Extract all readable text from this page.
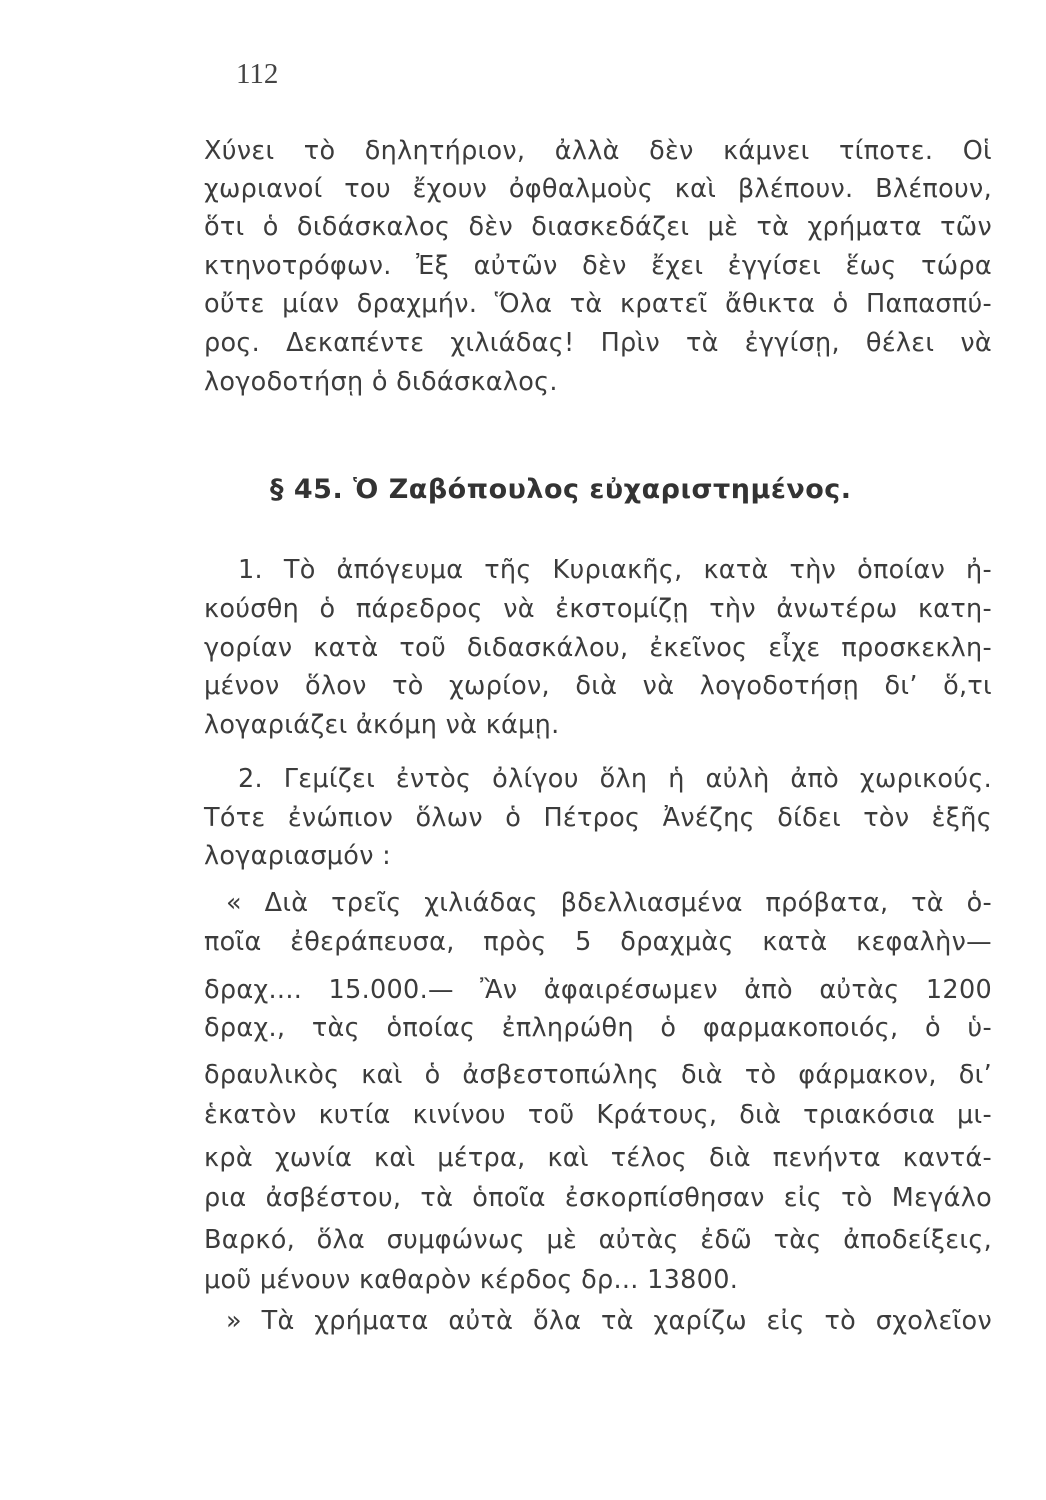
112
Χύνει τὸ δηλητήριον, ἀλλὰ δὲν κάμνει τίποτε. Οἱ
χωριανοί του ἔχουν ὀφθαλμοὺς καὶ βλέπουν. Βλέπουν,
ὅτι ὁ διδάσκαλος δὲν διασκεδάζει μὲ τὰ χρήματα τῶν
κτηνοτρόφων. Ἐξ αὐτῶν δὲν ἔχει ἐγγίσει ἕως τώρα
οὔτε μίαν δραχμήν. Ὅλα τὰ κρατεῖ ἄθικτα ὁ Παπασπύ-
ρος. Δεκαπέντε χιλιάδας! Πρὶν τὰ ἐγγίσῃ, θέλει νὰ
λογοδοτήσῃ ὁ διδάσκαλος.
§ 45. Ὁ Ζαβόπουλος εὐχαριστημένος.
1. Τὸ ἀπόγευμα τῆς Κυριακῆς, κατὰ τὴν ὁποίαν ἠ-
κούσθη ὁ πάρεδρος νὰ ἐκστομίζῃ τὴν ἀνωτέρω κατη-
γορίαν κατὰ τοῦ διδασκάλου, ἐκεῖνος εἶχε προσκεκλη-
μένον ὅλον τὸ χωρίον, διὰ νὰ λογοδοτήσῃ δι’ ὅ,τι
λογαριάζει ἀκόμη νὰ κάμῃ.
2. Γεμίζει ἐντὸς ὀλίγου ὅλη ἡ αὐλὴ ἀπὸ χωρικούς.
Τότε ἐνώπιον ὅλων ὁ Πέτρος Ἀνέζης δίδει τὸν ἑξῆς
λογαριασμόν :
« Διὰ τρεῖς χιλιάδας βδελλιασμένα πρόβατα, τὰ ὁ-
ποῖα ἐθεράπευσα, πρὸς 5 δραχμὰς κατὰ κεφαλὴν—
δραχ.... 15.000.— Ἂν ἀφαιρέσωμεν ἀπὸ αὐτὰς 1200
δραχ., τὰς ὁποίας ἐπληρώθη ὁ φαρμακοποιός, ὁ ὑ-
δραυλικὸς καὶ ὁ ἀσβεστοπώλης διὰ τὸ φάρμακον, δι’
ἑκατὸν κυτία κινίνου τοῦ Κράτους, διὰ τριακόσια μι-
κρὰ χωνία καὶ μέτρα, καὶ τέλος διὰ πενήντα καντά-
ρια ἀσβέστου, τὰ ὁποῖα ἐσκορπίσθησαν εἰς τὸ Μεγάλο
Βαρκό, ὅλα συμφώνως μὲ αὐτὰς ἐδῶ τὰς ἀποδείξεις,
μοῦ μένουν καθαρὸν κέρδος δρ... 13800.
» Τὰ χρήματα αὐτὰ ὅλα τὰ χαρίζω εἰς τὸ σχολεῖον
